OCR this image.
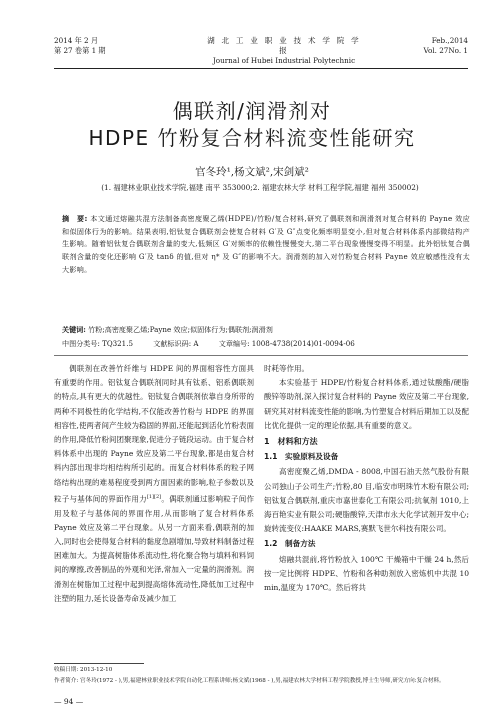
2014 年 2 月
第 27 卷第 1 期
湖 北 工 业 职 业 技 术 学 院 学 报
Journal of Hubei Industrial Polytechnic
Feb.,2014
Vol. 27No. 1
偶联剂/润滑剂对
HDPE 竹粉复合材料流变性能研究
官冬玲¹,杨文斌²,宋剑斌²
(1. 福建林业职业技术学院,福建 南平 353000;2. 福建农林大学 材料工程学院,福建 福州 350002)
摘　要: 本文通过熔融共混方法制备高密度聚乙烯(HDPE)/竹粉/复合材料,研究了偶联剂和润滑剂对复合材料的 Payne 效应和似固体行为的影响。结果表明,铝钛复合偶联剂会使复合材料 G′及 G″点变化频率明显变小,但对复合材料体系内部微结构产生影响。随着铝钛复合偶联剂含量的变大,低频区 G′对频率的依赖性慢慢变大,第二平台现象慢慢变得不明显。此外铝钛复合偶联剂含量的变化还影响 G′及 tanδ 的值,但对 η* 及 G″的影响不大。润滑剂的加入对竹粉复合材料 Payne 效应敏感性没有太大影响。
关键词: 竹粉;高密度聚乙烯;Payne 效应;似固体行为;偶联剂;润滑剂
中图分类号: TQ321.5	文献标识码: A	文章编号: 1008-4738(2014)01-0094-06

偶联剂在改善竹纤维与 HDPE 间的界面相容性方面具有重要的作用。铝钛复合偶联剂同时具有钛系、铝系偶联剂的特点,具有更大的优越性。铝钛复合偶联剂依靠自身所带的两种不同极性的化学结构,不仅能改善竹粉与 HDPE 的界面相容性,使两者间产生较为稳固的界面,还能起到活化竹粉表面的作用,降低竹粉间团聚现象,促进分子链段运动。由于复合材料体系中出现的 Payne 效应及第二平台现象,都是由复合材料内部出现非均相结构所引起的。而复合材料体系的粒子网络结构出现的难易程度受到两方面因素的影响,粒子参数以及粒子与基体间的界面作用力[1][2]。偶联剂通过影响粒子间作用及粒子与基体间的界面作用,从而影响了复合材料体系 Payne 效应及第二平台现象。从另一方面来看,偶联剂的加入,同时也会使得复合材料的黏度急剧增加,导致材料制备过程困难加大。为提高树脂体系流动性,将化聚合物与填料和料饲间的摩擦,改善制品的外观和光泽,常加入一定量的润滑剂。润滑剂在树脂加工过程中起到提高熔体流动性,降低加工过程中注塑的阻力,延长设备寿命及减少加工

时耗等作用。

本实验基于 HDPE/竹粉复合材料体系,通过钛酸酯/硬脂酸锌等助剂,深入探讨复合材料的 Payne 效应及第二平台现象,研究其对材料流变性能的影响,为竹塑复合材料后期加工以及配比优化提供一定的理论依据,具有重要的意义。

1　材料和方法
1.1　实验原料及设备

高密度聚乙烯,DMDA - 8008,中国石油天然气股份有限公司独山子公司生产;竹粉,80 目,临安市明珠竹木粉有限公司;铝钛复合偶联剂,重庆市嘉世泰化工有限公司;抗氧剂 1010,上海百艳实业有限公司;硬脂酸锌,天津市永大化学试剂开发中心;旋转流变仪:HAAKE MARS,赛默飞世尔科技有限公司。

1.2　制备方法

熔融共混前,将竹粉放入 100℃ 干燥箱中干燥 24 h,然后按一定比例将 HDPE、竹粉和各种助剂放入密炼机中共混 10 min,温度为 170℃。然后将共

收稿日期: 2013-12-10
作者简介: 官冬玲(1972 - ),男,福建林业职业技术学院自动化工程系讲师;杨文斌(1968 - ),男,福建农林大学材料工程学院教授,博士生导师,研究方向:复合材料。
— 94 —
